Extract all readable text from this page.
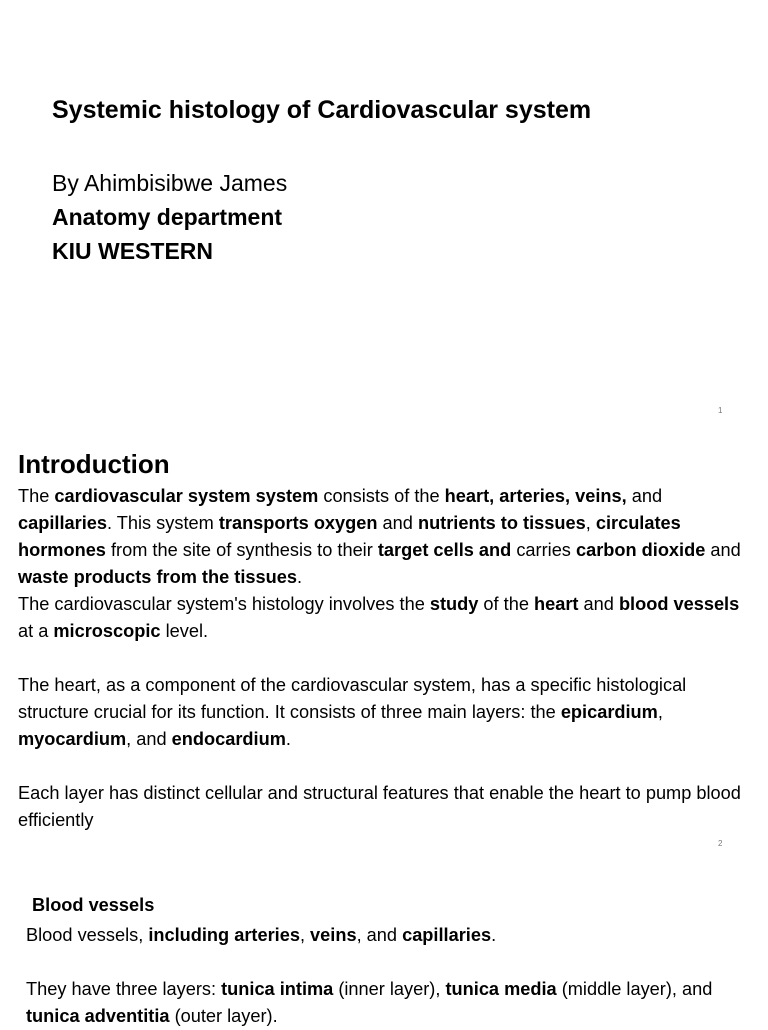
Systemic histology of Cardiovascular system
By Ahimbisibwe James
Anatomy department
KIU WESTERN
1
Introduction

The cardiovascular system system consists of the heart, arteries, veins, and capillaries. This system transports oxygen and nutrients to tissues, circulates hormones from the site of synthesis to their target cells and carries carbon dioxide and waste products from the tissues.

The cardiovascular system's histology involves the study of the heart and blood vessels at a microscopic level.

The heart, as a component of the cardiovascular system, has a specific histological structure crucial for its function. It consists of three main layers: the epicardium, myocardium, and endocardium.

Each layer has distinct cellular and structural features that enable the heart to pump blood efficiently

2
Blood vessels

Blood vessels, including arteries, veins, and capillaries.

They have three layers: tunica intima (inner layer), tunica media (middle layer), and tunica adventitia (outer layer).
